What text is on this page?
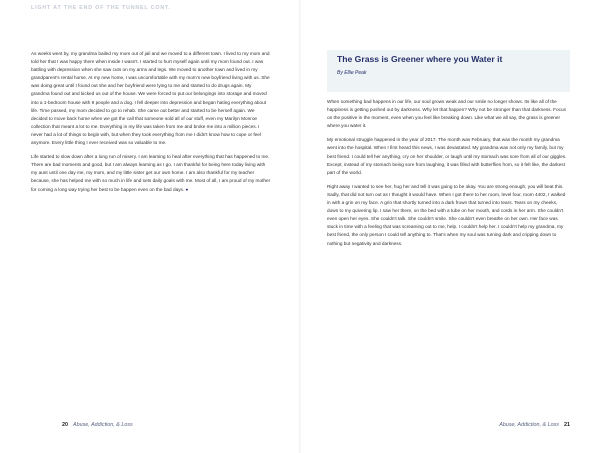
LIGHT AT THE END OF THE TUNNEL CONT.

As weeks went by, my grandma bailed my mom out of jail and we moved to a different town. I lived to my mom and told her that I was happy there when inside I wasn't. I started to hurt myself again until my mom found out. I was battling with depression when she saw cuts on my arms and legs. We moved to another town and lived in my grandparent's rental home. At my new home, I was uncomfortable with my mom's new boyfriend living with us. She was doing great until I found out she and her boyfriend were lying to me and started to do drugs again. My grandma found out and kicked us out of the house. We were forced to put our belongings into storage and moved into a 1-bedroom house with 9 people and a dog. I fell deeper into depression and began hating everything about life. Time passed, my mom decided to go to rehab. She came out better and started to be herself again. We decided to move back home when we got the call that someone sold all of our stuff, even my Marilyn Monroe collection that meant a lot to me. Everything in my life was taken from me and broke me into a million pieces. I never had a lot of things to begin with, but when they took everything from me I didn't know how to cope or feel anymore. Every little thing I ever received was so valuable to me.

Life started to slow down after a long run of misery. I am learning to heal after everything that has happened to me. There are bad moments and good, but I am always learning as I go. I am thankful for being here today living with my aunt until one day me, my mom, and my little sister get our own home. I am also thankful for my teacher because, she has helped me with so much in life and sets daily goals with me. Most of all, I am proud of my mother for coming a long way trying her best to be happen even on the bad days. ●

20 Abuse, Addiction, & Loss
The Grass is Greener where you Water it

By Ellie Peak

When something bad happens in our life, our soul grows weak and our smile no longer shows. Its like all of the happiness is getting pushed out by darkness. Why let that happen? Why not be stronger than that darkness. Focus on the positive in the moment, even when you feel like breaking down. Like what we all say, the grass is greener where you water it.

My emotional struggle happened in the year of 2017. The month was February, that was the month my grandma went into the hospital. When I first heard this news, I was devastated. My grandma was not only my family, but my best friend. I could tell her anything, cry on her shoulder, or laugh until my stomach was sore from all of our giggles. Except, instead of my stomach being sore from laughing, it was filled with butterflies from, so it felt like, the darkest part of the world.

Right away I wanted to see her, hug her and tell it was going to be okay. You are strong enough, you will beat this. Sadly, that did not turn out as I thought it would have. When I got there to her room, level four, room 4402, I walked in with a grin on my face. A grin that shortly turned into a dark frown that turned into tears. Tears on my cheeks, down to my quivering lip. I saw her there, on the bed with a tube on her mouth, and cords in her arm. She couldn't even open her eyes. She couldn't talk. She couldn't smile. She couldn't even breathe on her own. Her face was stuck in time with a feeling that was screaming out to me, help. I couldn't help her. I couldn't help my grandma, my best friend, the only person I could tell anything to. That's when my soul was turning dark and cripping down to nothing but negativity and darkness.

Abuse, Addiction, & Loss 21
